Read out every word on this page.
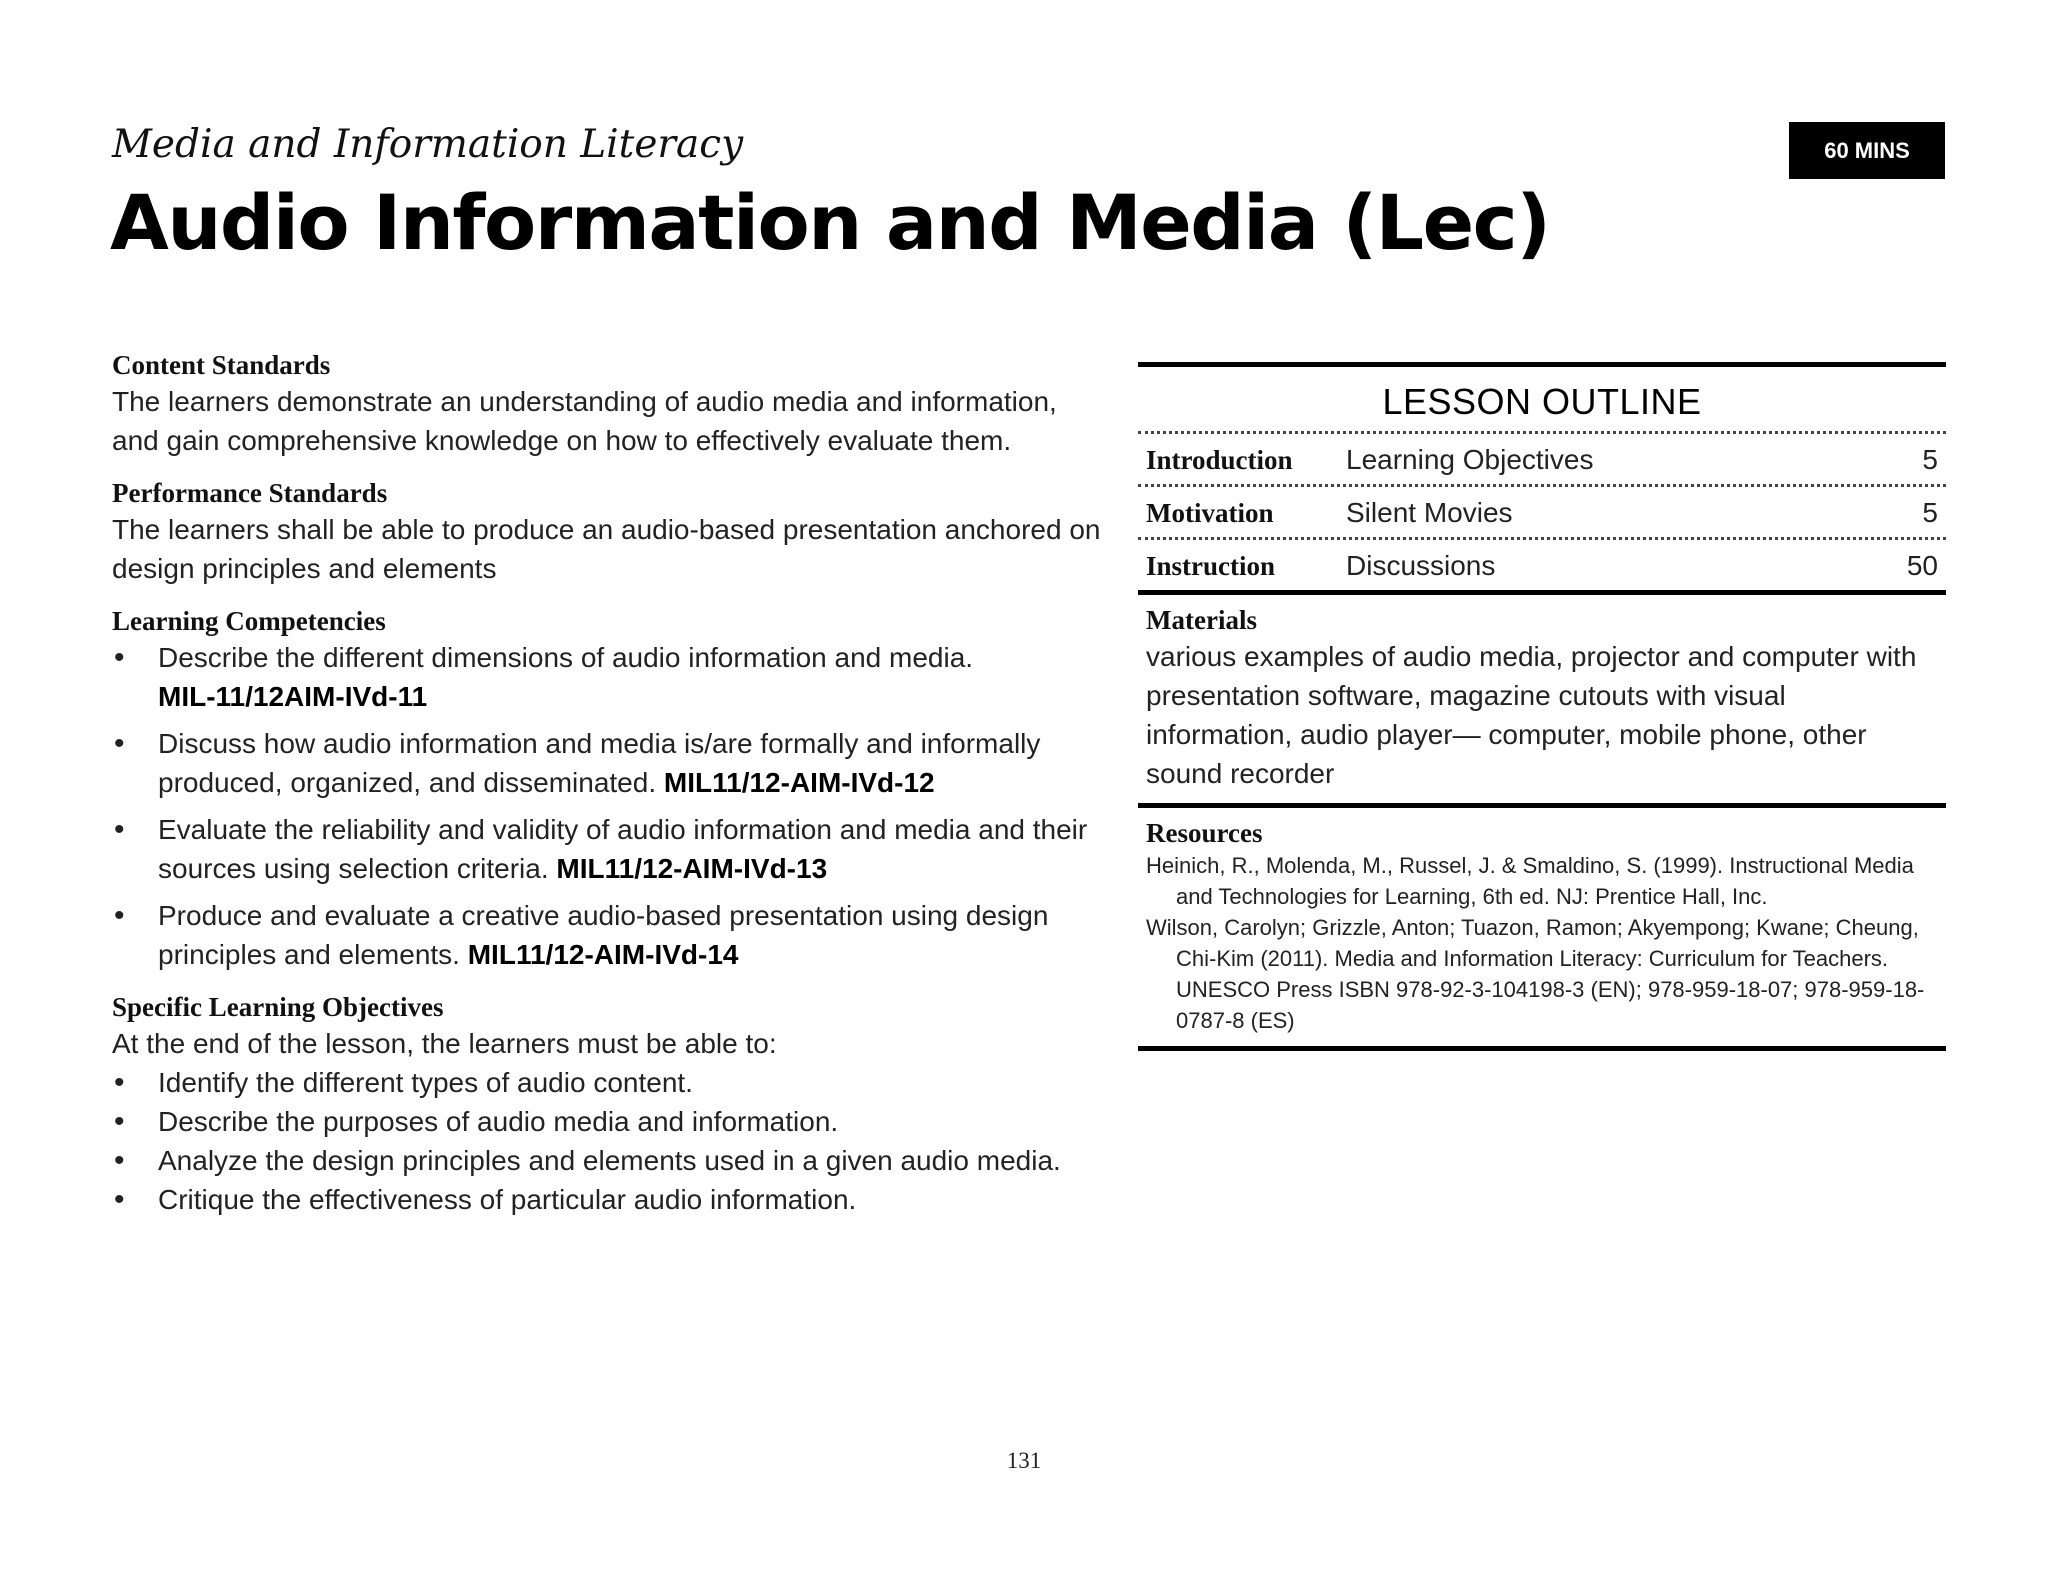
Media and Information Literacy
Audio Information and Media (Lec)
60 MINS
Content Standards
The learners demonstrate an understanding of audio media and information, and gain comprehensive knowledge on how to effectively evaluate them.
Performance Standards
The learners shall be able to produce an audio-based presentation anchored on design principles and elements
Learning Competencies
• Describe the different dimensions of audio information and media.
MIL-11/12AIM-IVd-11
• Discuss how audio information and media is/are formally and informally produced, organized, and disseminated. MIL11/12-AIM-IVd-12
• Evaluate the reliability and validity of audio information and media and their sources using selection criteria. MIL11/12-AIM-IVd-13
• Produce and evaluate a creative audio-based presentation using design principles and elements. MIL11/12-AIM-IVd-14
Specific Learning Objectives
At the end of the lesson, the learners must be able to:
• Identify the different types of audio content.
• Describe the purposes of audio media and information.
• Analyze the design principles and elements used in a given audio media.
• Critique the effectiveness of particular audio information.
LESSON OUTLINE
Introduction	Learning Objectives	5
Motivation	Silent Movies	5
Instruction	Discussions	50
Materials
various examples of audio media, projector and computer with presentation software, magazine cutouts with visual information, audio player— computer, mobile phone, other sound recorder
Resources
Heinich, R., Molenda, M., Russel, J. & Smaldino, S. (1999). Instructional Media and Technologies for Learning, 6th ed. NJ: Prentice Hall, Inc.
Wilson, Carolyn; Grizzle, Anton; Tuazon, Ramon; Akyempong; Kwane; Cheung, Chi-Kim (2011). Media and Information Literacy: Curriculum for Teachers. UNESCO Press ISBN 978-92-3-104198-3 (EN); 978-959-18-07; 978-959-18-0787-8 (ES)
131
